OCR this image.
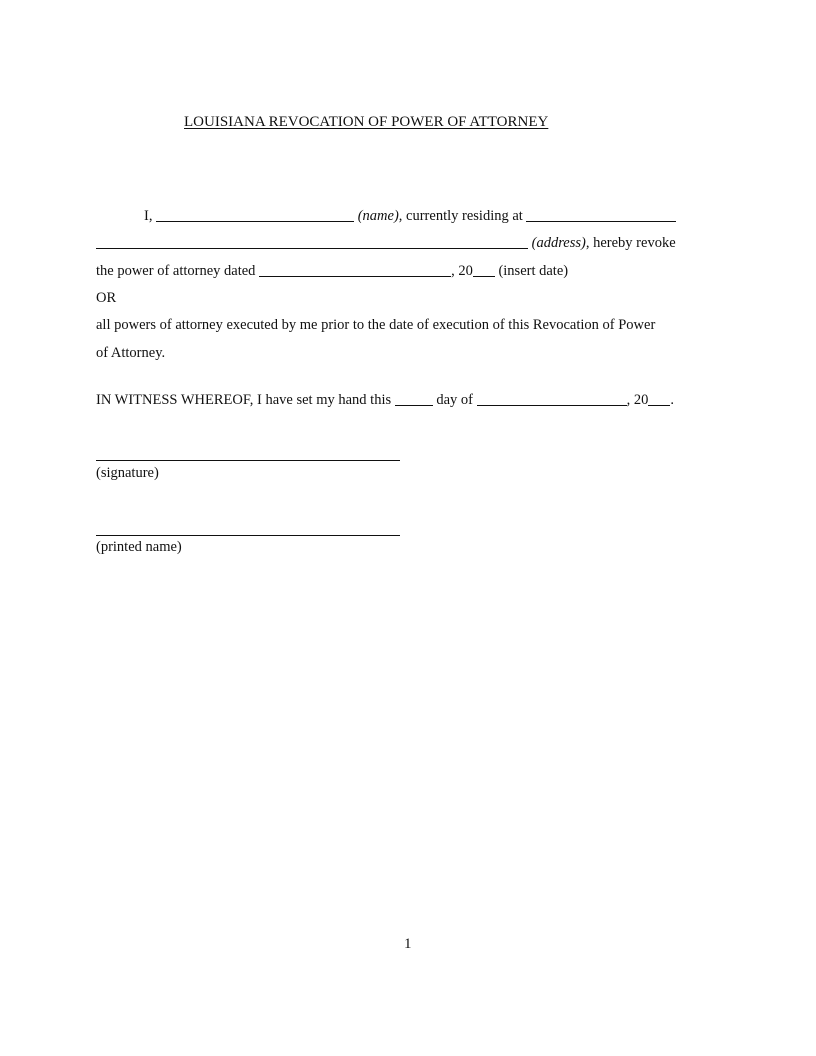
LOUISIANA REVOCATION OF POWER OF ATTORNEY
I,	(name), currently residing at
(address), hereby revoke
the power of attorney dated	, 20 (insert date)
OR
all powers of attorney executed by me prior to the date of execution of this Revocation of Power
of Attorney.
IN WITNESS WHEREOF, I have set my hand this	day of	, 20 .
(signature)
(printed name)
1
